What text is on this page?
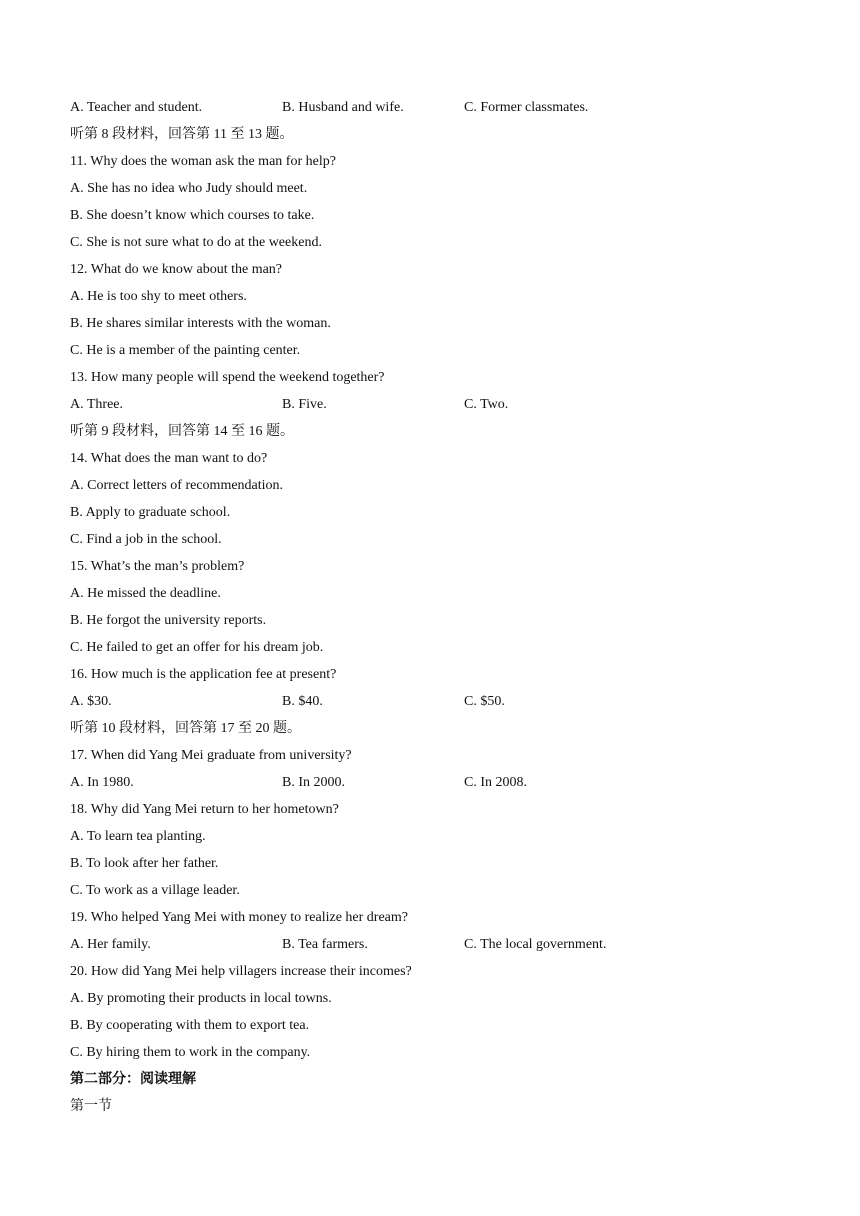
A. Teacher and student.	B. Husband and wife.	C. Former classmates.
听第 8 段材料，回答第 11 至 13 题。
11. Why does the woman ask the man for help?
A. She has no idea who Judy should meet.
B. She doesn’t know which courses to take.
C. She is not sure what to do at the weekend.
12. What do we know about the man?
A. He is too shy to meet others.
B. He shares similar interests with the woman.
C. He is a member of the painting center.
13. How many people will spend the weekend together?
A. Three.	B. Five.	C. Two.
听第 9 段材料，回答第 14 至 16 题。
14. What does the man want to do?
A. Correct letters of recommendation.
B. Apply to graduate school.
C. Find a job in the school.
15. What’s the man’s problem?
A. He missed the deadline.
B. He forgot the university reports.
C. He failed to get an offer for his dream job.
16. How much is the application fee at present?
A. $30.	B. $40.	C. $50.
听第 10 段材料，回答第 17 至 20 题。
17. When did Yang Mei graduate from university?
A. In 1980.	B. In 2000.	C. In 2008.
18. Why did Yang Mei return to her hometown?
A. To learn tea planting.
B. To look after her father.
C. To work as a village leader.
19. Who helped Yang Mei with money to realize her dream?
A. Her family.	B. Tea farmers.	C. The local government.
20. How did Yang Mei help villagers increase their incomes?
A. By promoting their products in local towns.
B. By cooperating with them to export tea.
C. By hiring them to work in the company.
第二部分：阅读理解
第一节
